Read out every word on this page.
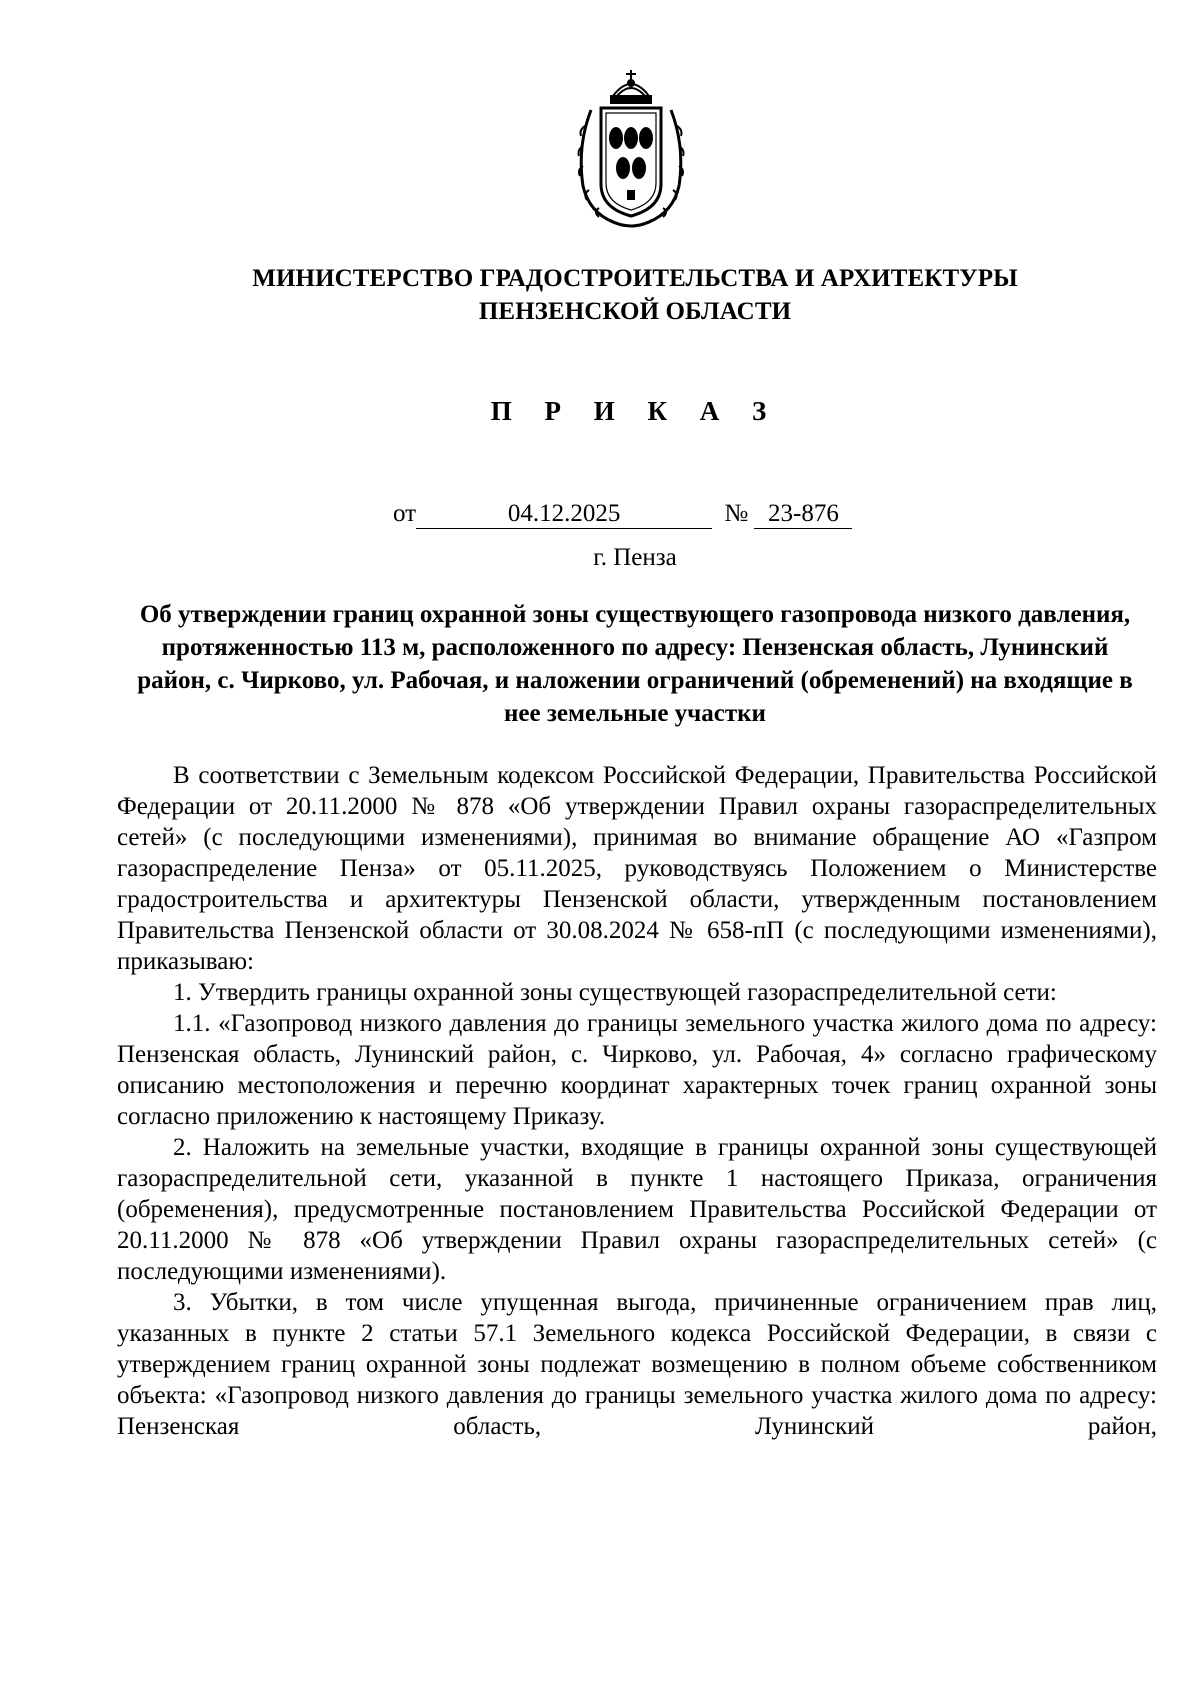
МИНИСТЕРСТВО ГРАДОСТРОИТЕЛЬСТВА И АРХИТЕКТУРЫ
ПЕНЗЕНСКОЙ ОБЛАСТИ
П Р И К А З
от	04.12.2025	№ 23-876
г. Пенза
Об утверждении границ охранной зоны существующего газопровода низкого давления, протяженностью 113 м, расположенного по адресу: Пензенская область, Лунинский район, с. Чирково, ул. Рабочая, и наложении ограничений (обременений) на входящие в нее земельные участки

В соответствии с Земельным кодексом Российской Федерации, Правительства Российской Федерации от 20.11.2000 № 878 «Об утверждении Правил охраны газораспределительных сетей» (с последующими изменениями), принимая во внимание обращение АО «Газпром газораспределение Пенза» от 05.11.2025, руководствуясь Положением о Министерстве градостроительства и архитектуры Пензенской области, утвержденным постановлением Правительства Пензенской области от 30.08.2024 № 658-пП (с последующими изменениями), приказываю:

1. Утвердить границы охранной зоны существующей газораспределительной сети:

1.1. «Газопровод низкого давления до границы земельного участка жилого дома по адресу: Пензенская область, Лунинский район, с. Чирково, ул. Рабочая, 4» согласно графическому описанию местоположения и перечню координат характерных точек границ охранной зоны согласно приложению к настоящему Приказу.

2. Наложить на земельные участки, входящие в границы охранной зоны существующей газораспределительной сети, указанной в пункте 1 настоящего Приказа, ограничения (обременения), предусмотренные постановлением Правительства Российской Федерации от 20.11.2000 № 878 «Об утверждении Правил охраны газораспределительных сетей» (с последующими изменениями).

3. Убытки, в том числе упущенная выгода, причиненные ограничением прав лиц, указанных в пункте 2 статьи 57.1 Земельного кодекса Российской Федерации, в связи с утверждением границ охранной зоны подлежат возмещению в полном объеме собственником объекта: «Газопровод низкого давления до границы земельного участка жилого дома по адресу: Пензенская область, Лунинский район,
